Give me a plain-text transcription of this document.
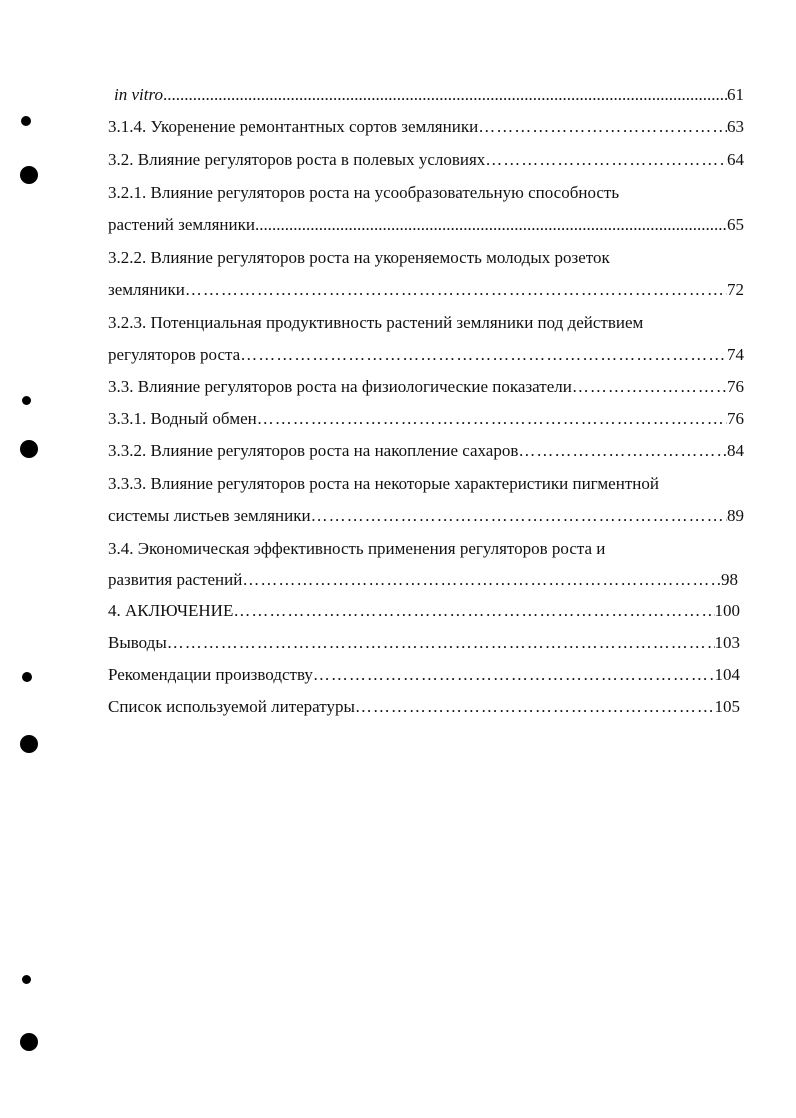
in vitro .....	61
3.1.4. Укоренение ремонтантных сортов земляники …………………………………………………………………………………………………………………………………………………………………………………………	63
3.2. Влияние регуляторов роста в полевых условиях …………………………………………………………………………………………………………………………………………………………………………………………	64
3.2.1. Влияние регуляторов роста на усообразовательную способность
растений земляники .....	65
3.2.2. Влияние регуляторов роста на укореняемость молодых розеток
земляники …………………………………………………………………………………………………………………………………………………………………………………………	72
3.2.3. Потенциальная продуктивность растений земляники под действием
регуляторов роста …………………………………………………………………………………………………………………………………………………………………………………………	74
3.3. Влияние регуляторов роста на физиологические показатели …………………………………………………………………………………………………………………………………………………………………………………………	76
3.3.1. Водный обмен …………………………………………………………………………………………………………………………………………………………………………………………	76
3.3.2. Влияние регуляторов роста на накопление сахаров …………………………………………………………………………………………………………………………………………………………………………………………	84
3.3.3. Влияние регуляторов роста на некоторые характеристики пигментной
системы листьев земляники …………………………………………………………………………………………………………………………………………………………………………………………	89
3.4. Экономическая эффективность применения регуляторов роста и
развития растений …………………………………………………………………………………………………………………………………………………………………………………………	98
4. АКЛЮЧЕНИЕ …………………………………………………………………………………………………………………………………………………………………………………………	100
Выводы …………………………………………………………………………………………………………………………………………………………………………………………	103
Рекомендации производству …………………………………………………………………………………………………………………………………………………………………………………………	104
Список используемой литературы …………………………………………………………………………………………………………………………………………………………………………………………	105
